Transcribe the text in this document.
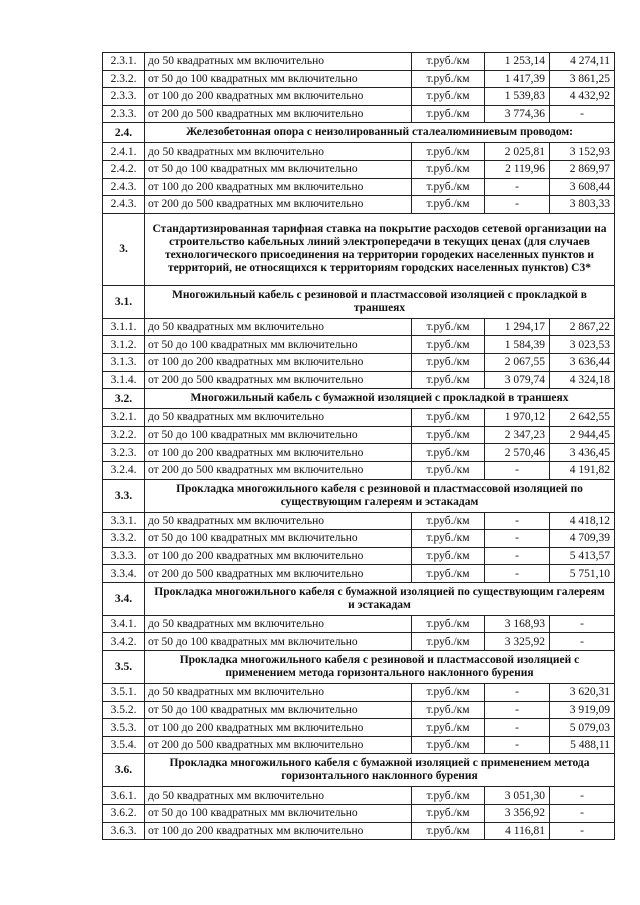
2.3.1.	до 50 квадратных мм включительно	т.руб./км	1 253,14	4 274,11
2.3.2.	от 50 до 100 квадратных мм включительно	т.руб./км	1 417,39	3 861,25
2.3.3.	от 100 до 200 квадратных мм включительно	т.руб./км	1 539,83	4 432,92
2.3.3.	от 200 до 500 квадратных мм включительно	т.руб./км	3 774,36	-
2.4.	Железобетонная опора с неизолированный сталеалюминиевым проводом:			
2.4.1.	до 50 квадратных мм включительно	т.руб./км	2 025,81	3 152,93
2.4.2.	от 50 до 100 квадратных мм включительно	т.руб./км	2 119,96	2 869,97
2.4.3.	от 100 до 200 квадратных мм включительно	т.руб./км	-	3 608,44
2.4.3.	от 200 до 500 квадратных мм включительно	т.руб./км	-	3 803,33
3.	Стандартизированная тарифная ставка на покрытие расходов сетевой организации на строительство кабельных линий электропередачи в текущих ценах (для случаев технологического присоединения на территории городеких населенных пунктов и территорий, не относящихся к территориям городских населенных пунктов) С3*			
3.1.	Многожильный кабель с резиновой и пластмассовой изоляцией с прокладкой в траншеях			
3.1.1.	до 50 квадратных мм включительно	т.руб./км	1 294,17	2 867,22
3.1.2.	от 50 до 100 квадратных мм включительно	т.руб./км	1 584,39	3 023,53
3.1.3.	от 100 до 200 квадратных мм включительно	т.руб./км	2 067,55	3 636,44
3.1.4.	от 200 до 500 квадратных мм включительно	т.руб./км	3 079,74	4 324,18
3.2.	Многожильный кабель с бумажной изоляцией с прокладкой в траншеях			
3.2.1.	до 50 квадратных мм включительно	т.руб./км	1 970,12	2 642,55
3.2.2.	от 50 до 100 квадратных мм включительно	т.руб./км	2 347,23	2 944,45
3.2.3.	от 100 до 200 квадратных мм включительно	т.руб./км	2 570,46	3 436,45
3.2.4.	от 200 до 500 квадратных мм включительно	т.руб./км	-	4 191,82
3.3.	Прокладка многожильного кабеля с резиновой и пластмассовой изоляцией по существующим галереям и эстакадам			
3.3.1.	до 50 квадратных мм включительно	т.руб./км	-	4 418,12
3.3.2.	от 50 до 100 квадратных мм включительно	т.руб./км	-	4 709,39
3.3.3.	от 100 до 200 квадратных мм включительно	т.руб./км	-	5 413,57
3.3.4.	от 200 до 500 квадратных мм включительно	т.руб./км	-	5 751,10
3.4.	Прокладка многожильного кабеля с бумажной изоляцией по существующим галереям и эстакадам			
3.4.1.	до 50 квадратных мм включительно	т.руб./км	3 168,93	-
3.4.2.	от 50 до 100 квадратных мм включительно	т.руб./км	3 325,92	-
3.5.	Прокладка многожильного кабеля с резиновой и пластмассовой изоляцией с применением метода горизонтального наклонного бурения			
3.5.1.	до 50 квадратных мм включительно	т.руб./км	-	3 620,31
3.5.2.	от 50 до 100 квадратных мм включительно	т.руб./км	-	3 919,09
3.5.3.	от 100 до 200 квадратных мм включительно	т.руб./км	-	5 079,03
3.5.4.	от 200 до 500 квадратных мм включительно	т.руб./км	-	5 488,11
3.6.	Прокладка многожильного кабеля с бумажной изоляцией с применением метода горизонтального наклонного бурения			
3.6.1.	до 50 квадратных мм включительно	т.руб./км	3 051,30	-
3.6.2.	от 50 до 100 квадратных мм включительно	т.руб./км	3 356,92	-
3.6.3.	от 100 до 200 квадратных мм включительно	т.руб./км	4 116,81	-
